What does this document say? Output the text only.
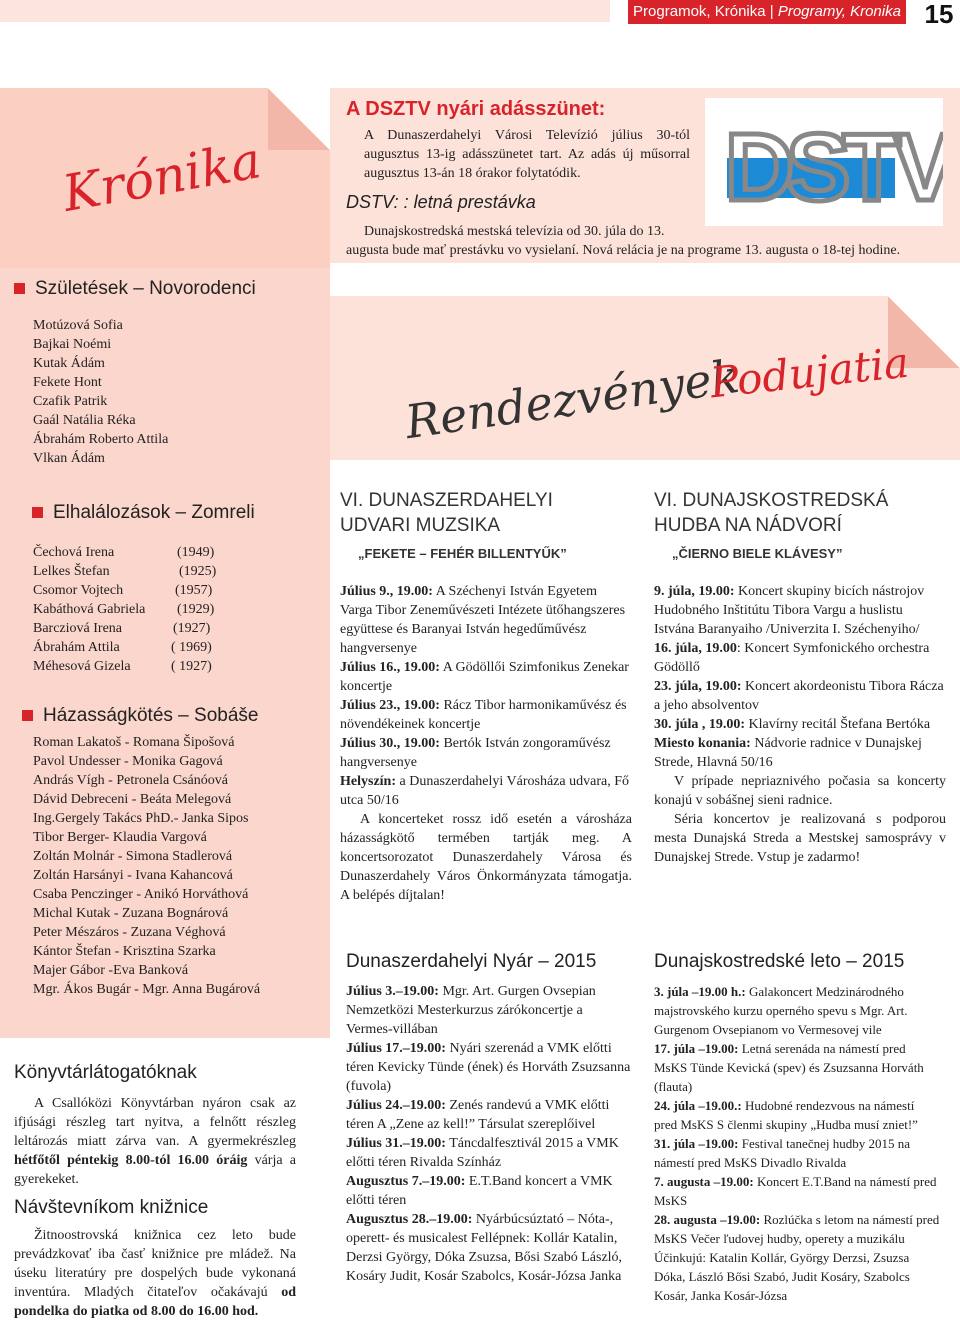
Programok, Krónika | Programy, Kronika 15
Krónika
A DSZTV nyári adásszünet:
A Dunaszerdahelyi Városi Televízió július 30-tól augusztus 13-ig adásszünetet tart. Az adás új műsorral augusztus 13-án 18 órakor folytatódik.
DSTV: : letná prestávka
Dunajskostredská mestská televízia od 30. júla do 13.
augusta bude mať prestávku vo vysielaní. Nová relácia je na programe 13. augusta o 18-tej hodine.
DSTV
Születések – Novorodenci
Motúzová Sofia
Bajkai Noémi
Kutak Ádám
Fekete Hont
Czafik Patrik
Gaál Natália Réka
Ábrahám Roberto Attila
Vlkan Ádám
Elhalálozások – Zomreli
Čechová Irena	(1949)
Lelkes Štefan	(1925)
Csomor Vojtech	(1957)
Kabáthová Gabriela (1929)
Barcziová Irena	(1927)
Ábrahám Attila	( 1969)
Méhesová Gizela	( 1927)
Házasságkötés – Sobáše
Roman Lakatoš - Romana Šipošová
Pavol Undesser - Monika Gagová
András Vígh - Petronela Csánóová
Dávid Debreceni - Beáta Melegová
Ing.Gergely Takács PhD.- Janka Sipos
Tibor Berger- Klaudia Vargová
Zoltán Molnár - Simona Stadlerová
Zoltán Harsányi - Ivana Kahancová
Csaba Penczinger - Anikó Horváthová
Michal Kutak - Zuzana Bognárová
Peter Mészáros - Zuzana Véghová
Kántor Štefan - Krisztina Szarka
Majer Gábor -Eva Banková
Mgr. Ákos Bugár - Mgr. Anna Bugárová
Könyvtárlátogatóknak
A Csallóközi Könyvtárban nyáron csak az ifjúsági részleg tart nyitva, a felnőtt részleg leltározás miatt zárva van. A gyermekrészleg hétfőtől péntekig 8.00-tól 16.00 óráig várja a gyerekeket.
Návštevníkom knižnice
Žitnoostrovská knižnica cez leto bude prevádzkovať iba časť knižnice pre mládež. Na úseku literatúry pre dospelých bude vykonaná inventúra. Mladých čitateľov očakávajú od pondelka do piatka od 8.00 do 16.00 hod.
Rendezvények
Podujatia
VI. DUNASZERDAHELYI
UDVARI MUZSIKA
„FEKETE – FEHÉR BILLENTYŰK”

Július 9., 19.00: A Széchenyi István Egyetem Varga Tibor Zeneművészeti Intézete ütőhangszeres együttese és Baranyai István hegedűművész hangversenye

Július 16., 19.00: A Gödöllői Szimfonikus Zenekar koncertje

Július 23., 19.00: Rácz Tibor harmonikaművész és növendékeinek koncertje

Július 30., 19.00: Bertók István zongoraművész hangversenye

Helyszín: a Dunaszerdahelyi Városháza udvara, Fő utca 50/16

A koncerteket rossz idő esetén a városháza házasságkötő termében tartják meg. A koncertsorozatot Dunaszerdahely Városa és Dunaszerdahely Város Önkormányzata támogatja. A belépés díjtalan!

VI. DUNAJSKOSTREDSKÁ
HUDBA NA NÁDVORÍ
„ČIERNO BIELE KLÁVESY”

9. júla, 19.00: Koncert skupiny bicích nástrojov Hudobného Inštitútu Tibora Vargu a huslistu Istvána Baranyaiho /Univerzita I. Széchenyiho/

16. júla, 19.00: Koncert Symfonického orchestra Gödöllő

23. júla, 19.00: Koncert akordeonistu Tibora Rácza a jeho absolventov

30. júla , 19.00: Klavírny recitál Štefana Bertóka

Miesto konania: Nádvorie radnice v Dunajskej Strede, Hlavná 50/16

V prípade nepriaznivého počasia sa koncerty konajú v sobášnej sieni radnice.

Séria koncertov je realizovaná s podporou mesta Dunajská Streda a Mestskej samosprávy v Dunajskej Strede. Vstup je zadarmo!

Dunaszerdahelyi Nyár – 2015

Július 3.–19.00: Mgr. Art. Gurgen Ovsepian Nemzetközi Mesterkurzus zárókoncertje a Vermes-villában

Július 17.–19.00: Nyári szerenád a VMK előtti téren Kevicky Tünde (ének) és Horváth Zsuzsanna (fuvola)

Július 24.–19.00: Zenés randevú a VMK előtti téren A „Zene az kell!” Társulat szereplőivel

Július 31.–19.00: Táncdalfesztivál 2015 a VMK előtti téren Rivalda Színház

Augusztus 7.–19.00: E.T.Band koncert a VMK előtti téren

Augusztus 28.–19.00: Nyárbúcsúztató – Nóta-, operett- és musicalest Fellépnek: Kollár Katalin, Derzsi György, Dóka Zsuzsa, Bősi Szabó László, Kosáry Judit, Kosár Szabolcs, Kosár-Józsa Janka

Dunajskostredské leto – 2015

3. júla –19.00 h.: Galakoncert Medzinárodného majstrovského kurzu operného spevu s Mgr. Art. Gurgenom Ovsepianom vo Vermesovej vile

17. júla –19.00: Letná serenáda na námestí pred MsKS Tünde Kevická (spev) és Zsuzsanna Horváth (flauta)

24. júla –19.00.: Hudobné rendezvous na námestí pred MsKS S členmi skupiny „Hudba musí zniet!”

31. júla –19.00: Festival tanečnej hudby 2015 na námestí pred MsKS Divadlo Rivalda

7. augusta –19.00: Koncert E.T.Band na námestí pred MsKS

28. augusta –19.00: Rozlúčka s letom na námestí pred MsKS Večer ľudovej hudby, operety a muzikálu Účinkujú: Katalin Kollár, György Derzsi, Zsuzsa Dóka, László Bősi Szabó, Judit Kosáry, Szabolcs Kosár, Janka Kosár-Józsa
